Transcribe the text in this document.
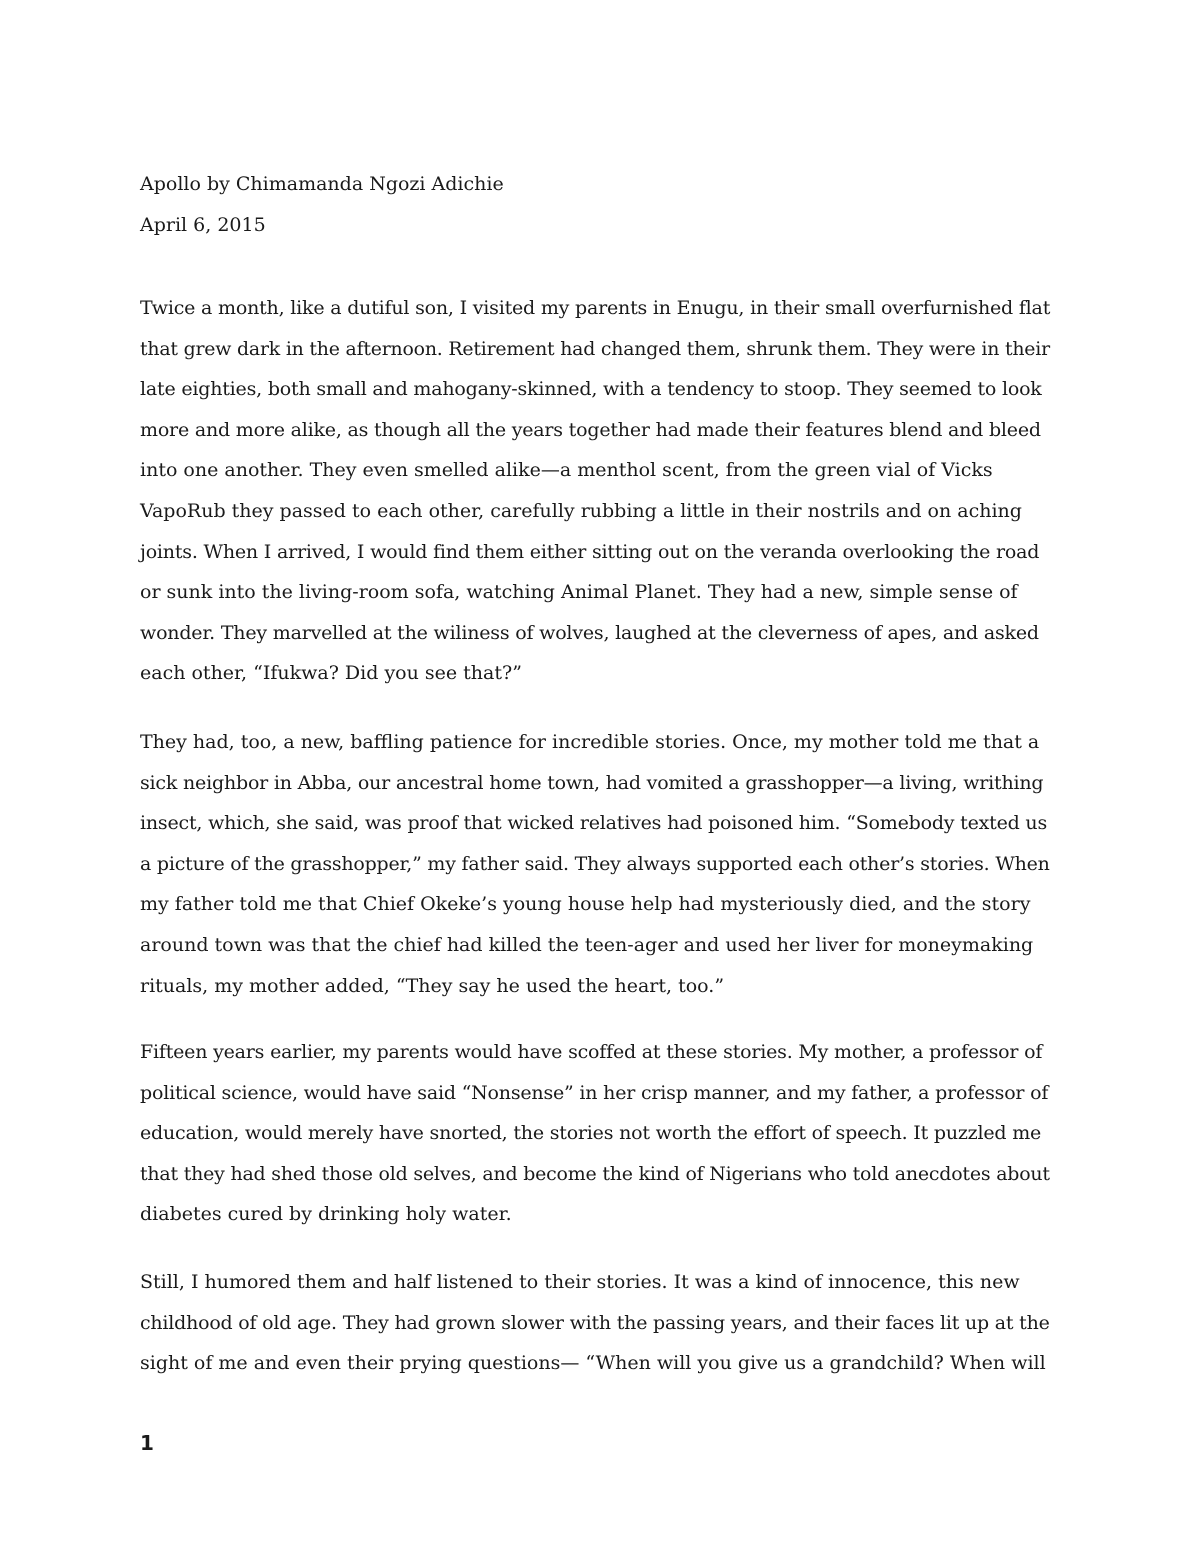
Apollo by Chimamanda Ngozi Adichie
April 6, 2015
Twice a month, like a dutiful son, I visited my parents in Enugu, in their small overfurnished flat
that grew dark in the afternoon. Retirement had changed them, shrunk them. They were in their
late eighties, both small and mahogany-skinned, with a tendency to stoop. They seemed to look
more and more alike, as though all the years together had made their features blend and bleed
into one another. They even smelled alike—a menthol scent, from the green vial of Vicks
VapoRub they passed to each other, carefully rubbing a little in their nostrils and on aching
joints. When I arrived, I would find them either sitting out on the veranda overlooking the road
or sunk into the living-room sofa, watching Animal Planet. They had a new, simple sense of
wonder. They marvelled at the wiliness of wolves, laughed at the cleverness of apes, and asked
each other, “Ifukwa? Did you see that?”
They had, too, a new, baffling patience for incredible stories. Once, my mother told me that a
sick neighbor in Abba, our ancestral home town, had vomited a grasshopper—a living, writhing
insect, which, she said, was proof that wicked relatives had poisoned him. “Somebody texted us
a picture of the grasshopper,” my father said. They always supported each other’s stories. When
my father told me that Chief Okeke’s young house help had mysteriously died, and the story
around town was that the chief had killed the teen-ager and used her liver for moneymaking
rituals, my mother added, “They say he used the heart, too.”
Fifteen years earlier, my parents would have scoffed at these stories. My mother, a professor of
political science, would have said “Nonsense” in her crisp manner, and my father, a professor of
education, would merely have snorted, the stories not worth the effort of speech. It puzzled me
that they had shed those old selves, and become the kind of Nigerians who told anecdotes about
diabetes cured by drinking holy water.
Still, I humored them and half listened to their stories. It was a kind of innocence, this new
childhood of old age. They had grown slower with the passing years, and their faces lit up at the
sight of me and even their prying questions— “When will you give us a grandchild? When will
1
